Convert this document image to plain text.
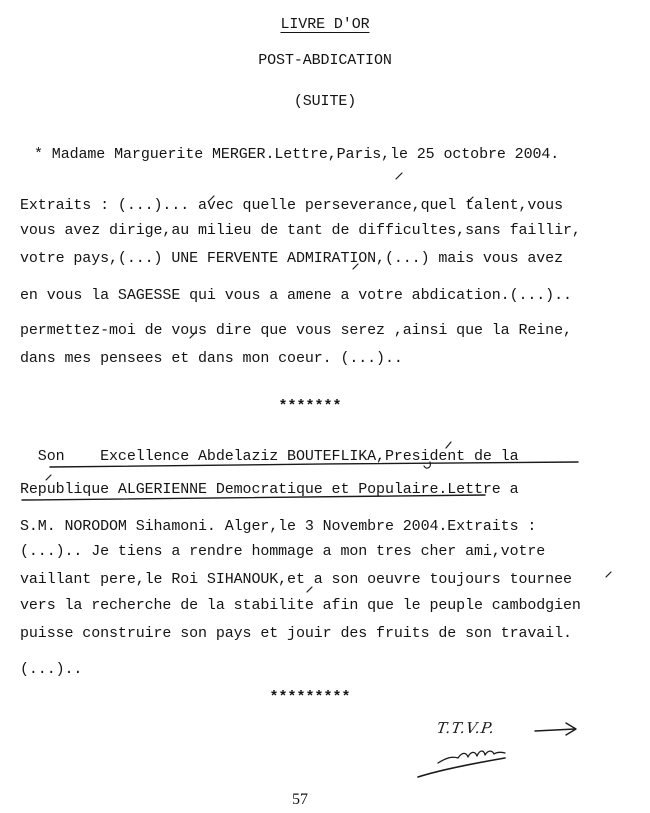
LIVRE D'OR
POST-ABDICATION
(SUITE)
* Madame Marguerite MERGER.Lettre,Paris,le 25 octobre 2004.
Extraits : (...)... avec quelle perseverance,quel talent,vous
vous avez dirige,au milieu de tant de difficultes,sans faillir,
votre pays,(...) UNE FERVENTE ADMIRATION,(...) mais vous avez
en vous la SAGESSE qui vous a amene a votre abdication.(...)..
permettez-moi de vous dire que vous serez ,ainsi que la Reine,
dans mes pensees et dans mon coeur. (...)..
*******
Son    Excellence Abdelaziz BOUTEFLIKA,President de la
Republique ALGERIENNE Democratique et Populaire.Lettre a
S.M. NORODOM Sihamoni. Alger,le 3 Novembre 2004.Extraits :
(...).. Je tiens a rendre hommage a mon tres cher ami,votre
vaillant pere,le Roi SIHANOUK,et a son oeuvre toujours tournee
vers la recherche de la stabilite afin que le peuple cambodgien
puisse construire son pays et jouir des fruits de son travail.
(...)..
*********
T.T.V.P.
57
